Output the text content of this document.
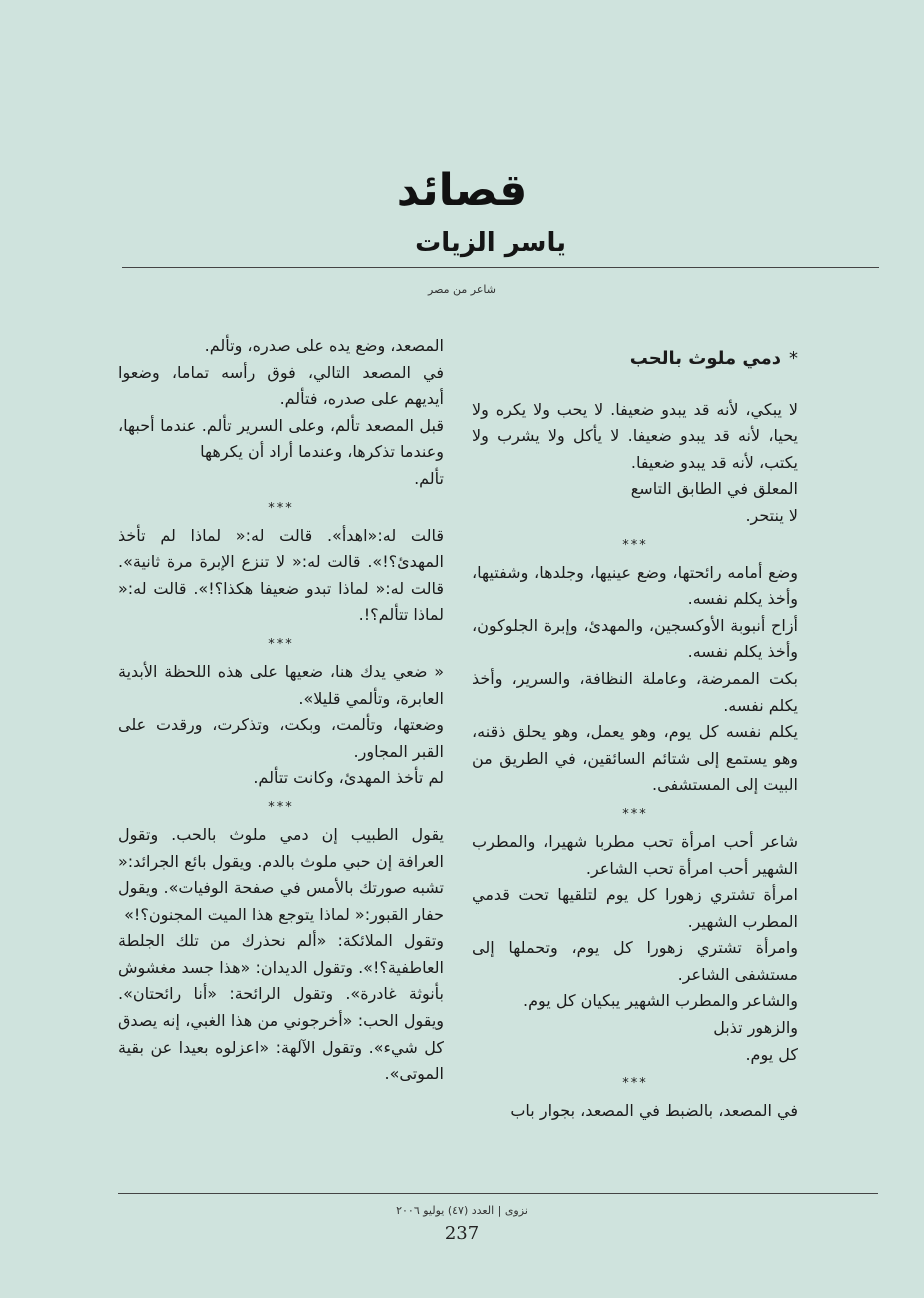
قصائد
ياسر الزيات
شاعر من مصر
*دمي ملوث بالحب

لا يبكي، لأنه قد يبدو ضعيفا. لا يحب ولا يكره ولا يحيا، لأنه قد يبدو ضعيفا. لا يأكل ولا يشرب ولا يكتب، لأنه قد يبدو ضعيفا.

المعلق في الطابق التاسع

لا ينتحر.

***

وضع أمامه رائحتها، وضع عينيها، وجلدها، وشفتيها، وأخذ يكلم نفسه.

أزاح أنبوبة الأوكسجين، والمهدئ، وإبرة الجلوكون، وأخذ يكلم نفسه.

بكت الممرضة، وعاملة النظافة، والسرير، وأخذ يكلم نفسه.

يكلم نفسه كل يوم، وهو يعمل، وهو يحلق ذقنه، وهو يستمع إلى شتائم السائقين، في الطريق من البيت إلى المستشفى.

***

شاعر أحب امرأة تحب مطربا شهيرا، والمطرب الشهير أحب امرأة تحب الشاعر.

امرأة تشتري زهورا كل يوم لتلقيها تحت قدمي المطرب الشهير.

وامرأة تشتري زهورا كل يوم، وتحملها إلى مستشفى الشاعر.

والشاعر والمطرب الشهير يبكيان كل يوم.

والزهور تذبل

كل يوم.

***

في المصعد، بالضبط في المصعد، بجوار باب

المصعد، وضع يده على صدره، وتألم.

في المصعد التالي، فوق رأسه تماما، وضعوا أيديهم على صدره، فتألم.

قبل المصعد تألم، وعلى السرير تألم. عندما أحبها، وعندما تذكرها، وعندما أراد أن يكرهها

تألم.

***

قالت له:«اهدأ». قالت له:« لماذا لم تأخذ المهدئ؟!». قالت له:« لا تنزع الإبرة مرة ثانية». قالت له:« لماذا تبدو ضعيفا هكذا؟!». قالت له:« لماذا تتألم؟!.

***

« ضعي يدك هنا، ضعيها على هذه اللحظة الأبدية العابرة، وتألمي قليلا».

وضعتها، وتألمت، وبكت، وتذكرت، ورقدت على القبر المجاور.

لم تأخذ المهدئ، وكانت تتألم.

***

يقول الطبيب إن دمي ملوث بالحب. وتقول العرافة إن حبي ملوث بالدم. ويقول بائع الجرائد:« تشبه صورتك بالأمس في صفحة الوفيات». ويقول حفار القبور:« لماذا يتوجع هذا الميت المجنون؟!»

وتقول الملائكة: «ألم نحذرك من تلك الجلطة العاطفية؟!». وتقول الديدان: «هذا جسد مغشوش بأنوثة غادرة». وتقول الرائحة: «أنا رائحتان». ويقول الحب: «أخرجوني من هذا الغبي، إنه يصدق كل شيء». وتقول الآلهة: «اعزلوه بعيدا عن بقية الموتى».

نزوى | العدد (٤٧) يوليو ٢٠٠٦
237
